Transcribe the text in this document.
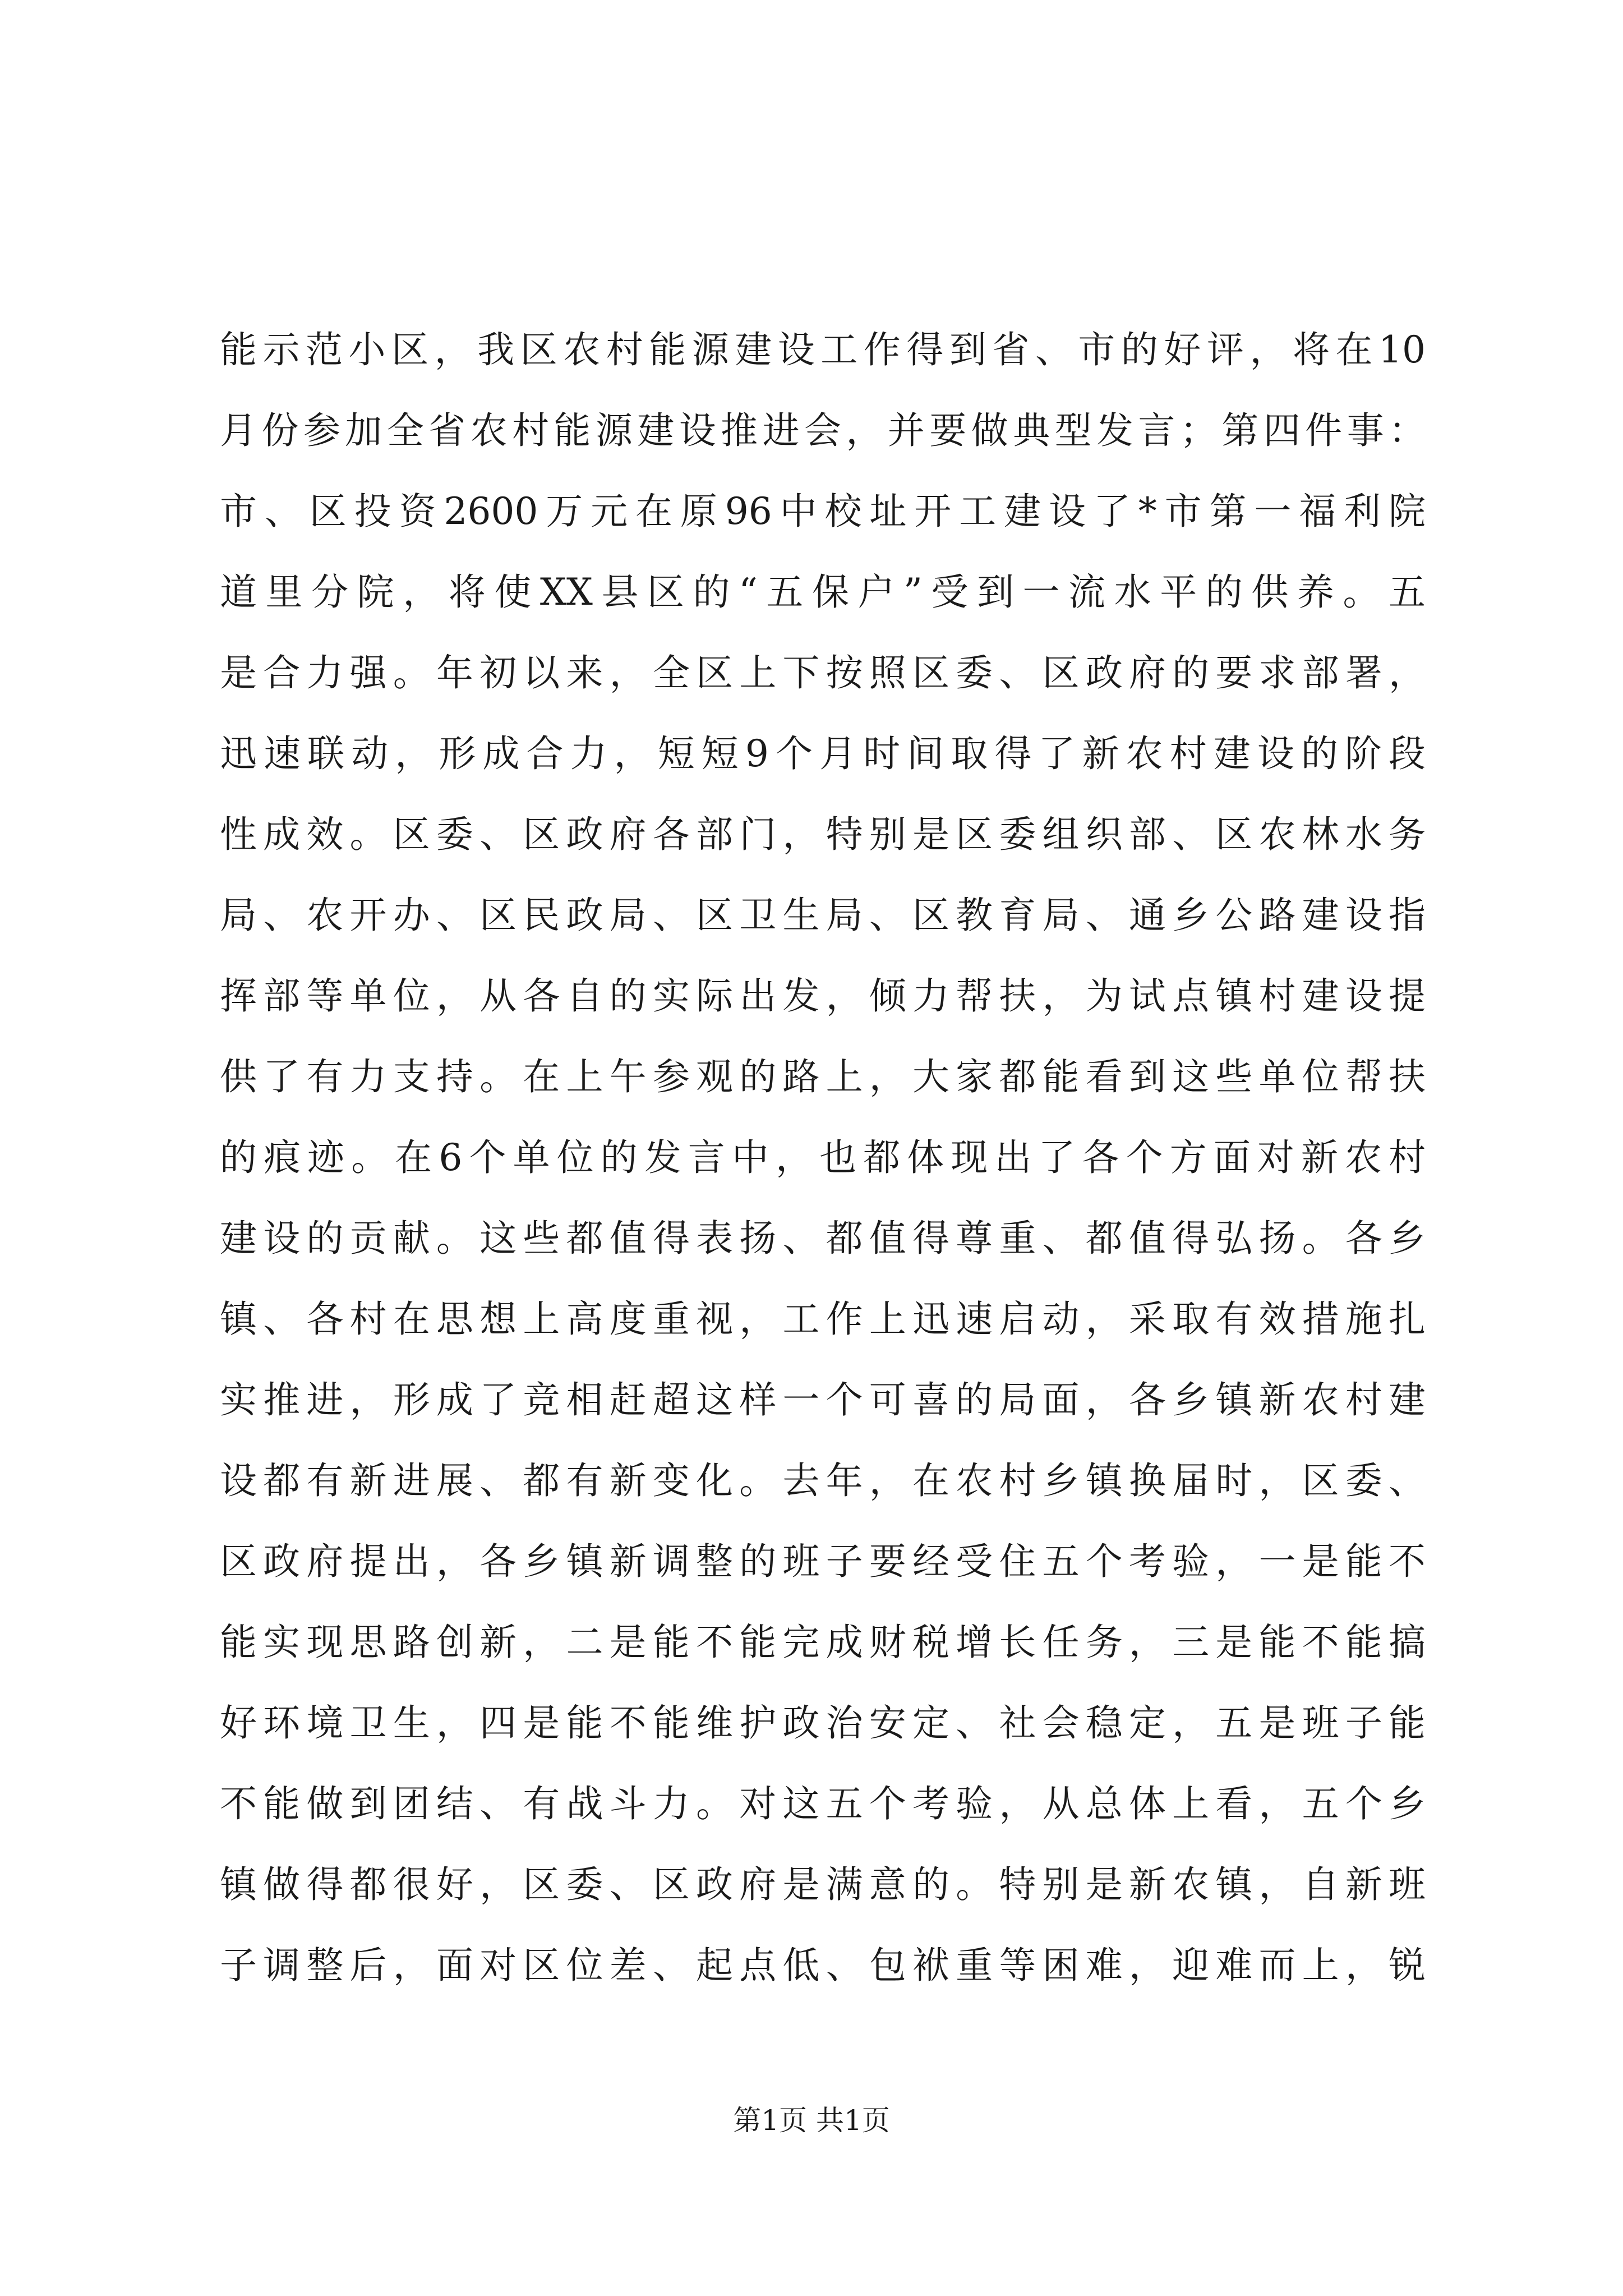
能示范小区，我区农村能源建设工作得到省、市的好评，将在10
月份参加全省农村能源建设推进会，并要做典型发言；第四件事：
市、区投资2600万元在原96中校址开工建设了*市第一福利院
道里分院，将使XX县区的“五保户”受到一流水平的供养。五
是合力强。年初以来，全区上下按照区委、区政府的要求部署，
迅速联动，形成合力，短短9个月时间取得了新农村建设的阶段
性成效。区委、区政府各部门，特别是区委组织部、区农林水务
局、农开办、区民政局、区卫生局、区教育局、通乡公路建设指
挥部等单位，从各自的实际出发，倾力帮扶，为试点镇村建设提
供了有力支持。在上午参观的路上，大家都能看到这些单位帮扶
的痕迹。在6个单位的发言中，也都体现出了各个方面对新农村
建设的贡献。这些都值得表扬、都值得尊重、都值得弘扬。各乡
镇、各村在思想上高度重视，工作上迅速启动，采取有效措施扎
实推进，形成了竞相赶超这样一个可喜的局面，各乡镇新农村建
设都有新进展、都有新变化。去年，在农村乡镇换届时，区委、
区政府提出，各乡镇新调整的班子要经受住五个考验，一是能不
能实现思路创新，二是能不能完成财税增长任务，三是能不能搞
好环境卫生，四是能不能维护政治安定、社会稳定，五是班子能
不能做到团结、有战斗力。对这五个考验，从总体上看，五个乡
镇做得都很好，区委、区政府是满意的。特别是新农镇，自新班
子调整后，面对区位差、起点低、包袱重等困难，迎难而上，锐
第1页 共1页
